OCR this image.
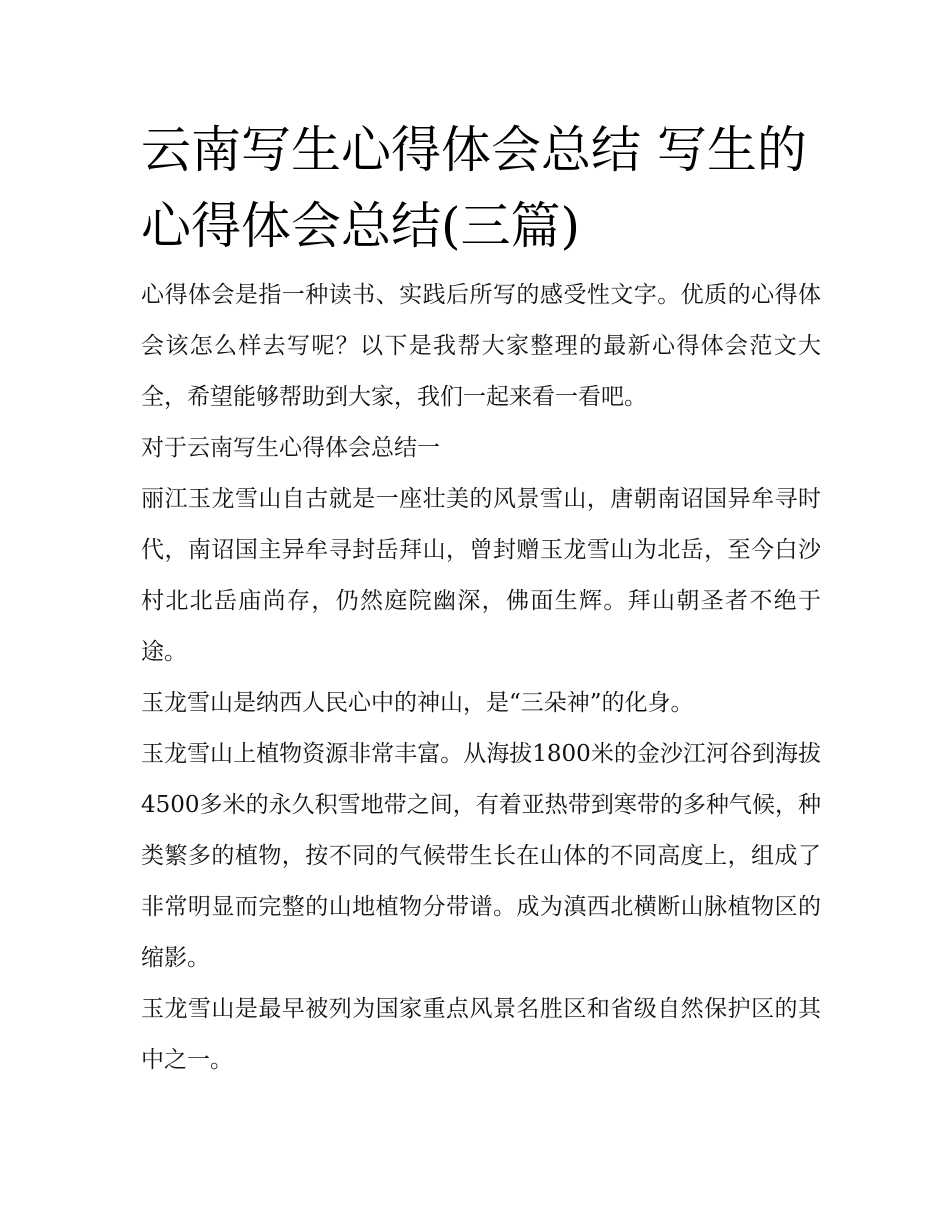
云南写生心得体会总结 写生的心得体会总结(三篇)

心得体会是指一种读书、实践后所写的感受性文字。优质的心得体会该怎么样去写呢？以下是我帮大家整理的最新心得体会范文大全，希望能够帮助到大家，我们一起来看一看吧。

对于云南写生心得体会总结一

丽江玉龙雪山自古就是一座壮美的风景雪山，唐朝南诏国异牟寻时代，南诏国主异牟寻封岳拜山，曾封赠玉龙雪山为北岳，至今白沙村北北岳庙尚存，仍然庭院幽深，佛面生辉。拜山朝圣者不绝于途。

玉龙雪山是纳西人民心中的神山，是“三朵神”的化身。

玉龙雪山上植物资源非常丰富。从海拔1800米的金沙江河谷到海拔4500多米的永久积雪地带之间，有着亚热带到寒带的多种气候，种类繁多的植物，按不同的气候带生长在山体的不同高度上，组成了非常明显而完整的山地植物分带谱。成为滇西北横断山脉植物区的缩影。

玉龙雪山是最早被列为国家重点风景名胜区和省级自然保护区的其中之一。
